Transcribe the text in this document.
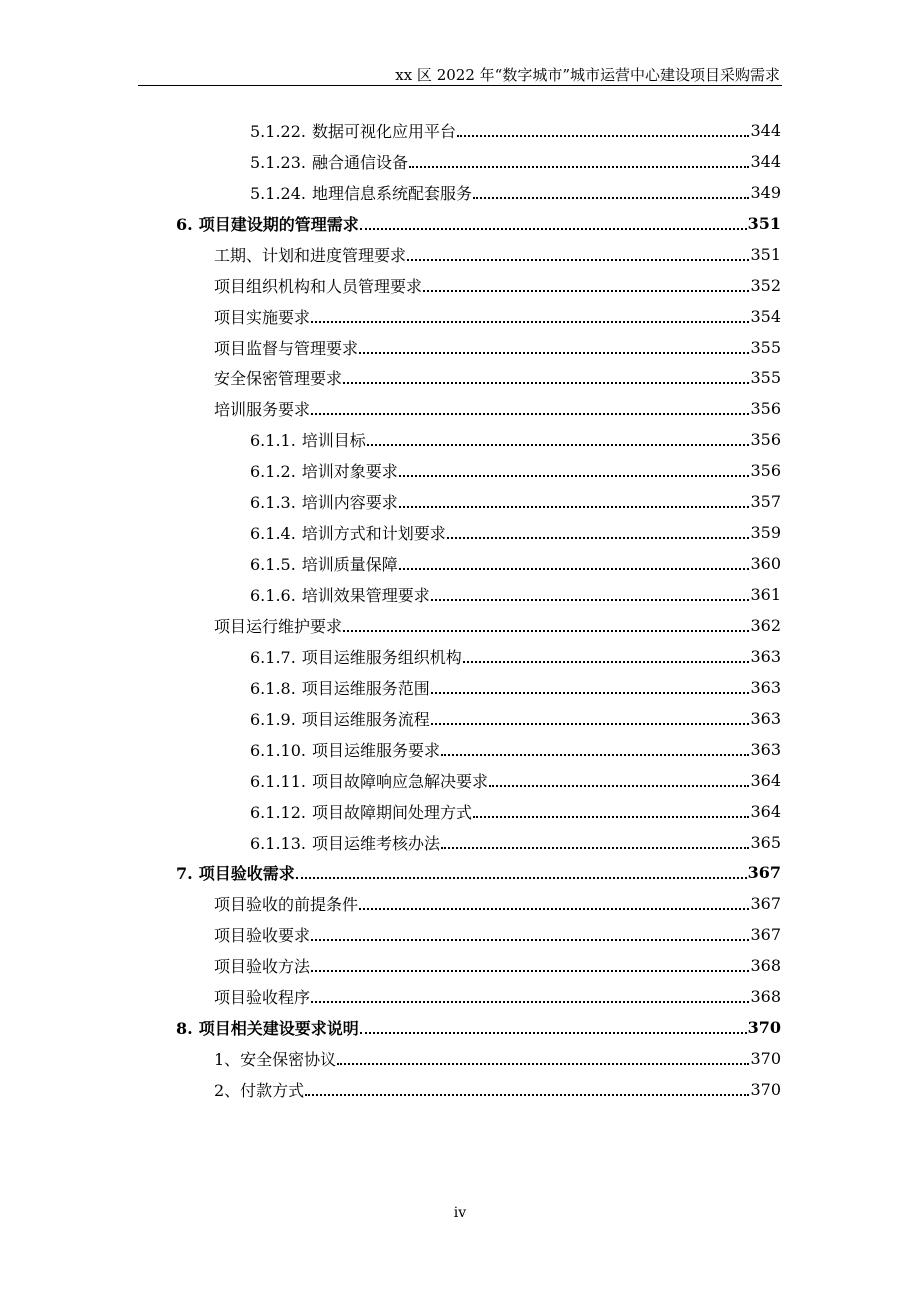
xx 区 2022 年“数字城市”城市运营中心建设项目采购需求
5.1.22. 数据可视化应用平台	344
5.1.23. 融合通信设备	344
5.1.24. 地理信息系统配套服务	349
6. 项目建设期的管理需求	351
工期、计划和进度管理要求	351
项目组织机构和人员管理要求	352
项目实施要求	354
项目监督与管理要求	355
安全保密管理要求	355
培训服务要求	356
6.1.1. 培训目标	356
6.1.2. 培训对象要求	356
6.1.3. 培训内容要求	357
6.1.4. 培训方式和计划要求	359
6.1.5. 培训质量保障	360
6.1.6. 培训效果管理要求	361
项目运行维护要求	362
6.1.7. 项目运维服务组织机构	363
6.1.8. 项目运维服务范围	363
6.1.9. 项目运维服务流程	363
6.1.10. 项目运维服务要求	363
6.1.11. 项目故障响应急解决要求	364
6.1.12. 项目故障期间处理方式	364
6.1.13. 项目运维考核办法	365
7. 项目验收需求	367
项目验收的前提条件	367
项目验收要求	367
项目验收方法	368
项目验收程序	368
8. 项目相关建设要求说明	370
1、安全保密协议	370
2、付款方式	370
iv
